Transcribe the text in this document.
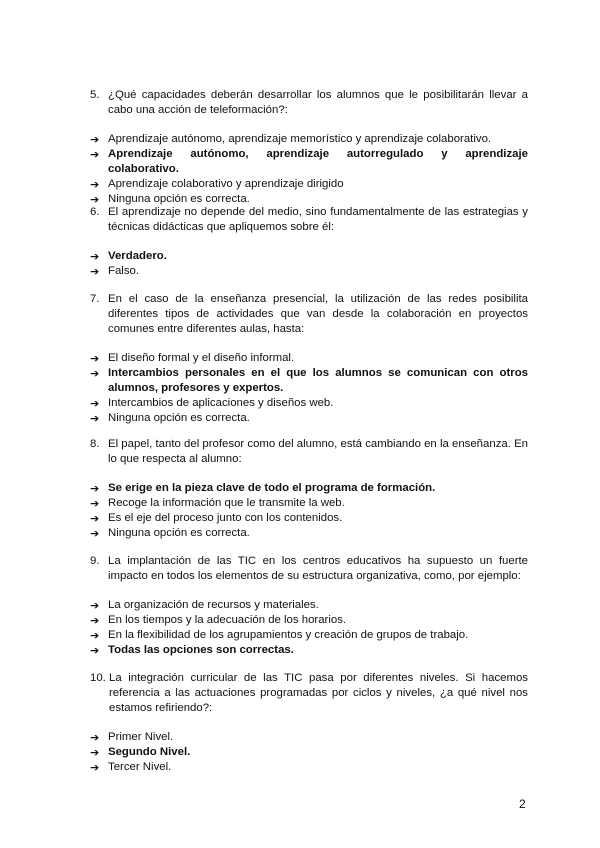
5. ¿Qué capacidades deberán desarrollar los alumnos que le posibilitarán llevar a cabo una acción de teleformación?:
➔ Aprendizaje autónomo, aprendizaje memorístico y aprendizaje colaborativo.
➔ Aprendizaje autónomo, aprendizaje autorregulado y aprendizaje colaborativo.
➔ Aprendizaje colaborativo y aprendizaje dirigido
➔ Ninguna opción es correcta.
6. El aprendizaje no depende del medio, sino fundamentalmente de las estrategias y técnicas didácticas que apliquemos sobre él:
➔ Verdadero.
➔ Falso.
7. En el caso de la enseñanza presencial, la utilización de las redes posibilita diferentes tipos de actividades que van desde la colaboración en proyectos comunes entre diferentes aulas, hasta:
➔ El diseño formal y el diseño informal.
➔ Intercambios personales en el que los alumnos se comunican con otros alumnos, profesores y expertos.
➔ Intercambios de aplicaciones y diseños web.
➔ Ninguna opción es correcta.
8. El papel, tanto del profesor como del alumno, está cambiando en la enseñanza. En lo que respecta al alumno:
➔ Se erige en la pieza clave de todo el programa de formación.
➔ Recoge la información que le transmite la web.
➔ Es el eje del proceso junto con los contenidos.
➔ Ninguna opción es correcta.
9. La implantación de las TIC en los centros educativos ha supuesto un fuerte impacto en todos los elementos de su estructura organizativa, como, por ejemplo:
➔ La organización de recursos y materiales.
➔ En los tiempos y la adecuación de los horarios.
➔ En la flexibilidad de los agrupamientos y creación de grupos de trabajo.
➔ Todas las opciones son correctas.
10. La integración curricular de las TIC pasa por diferentes niveles. Si hacemos referencia a las actuaciones programadas por ciclos y niveles, ¿a qué nivel nos estamos refiriendo?:
➔ Primer Nivel.
➔ Segundo Nivel.
➔ Tercer Nivel.
2
